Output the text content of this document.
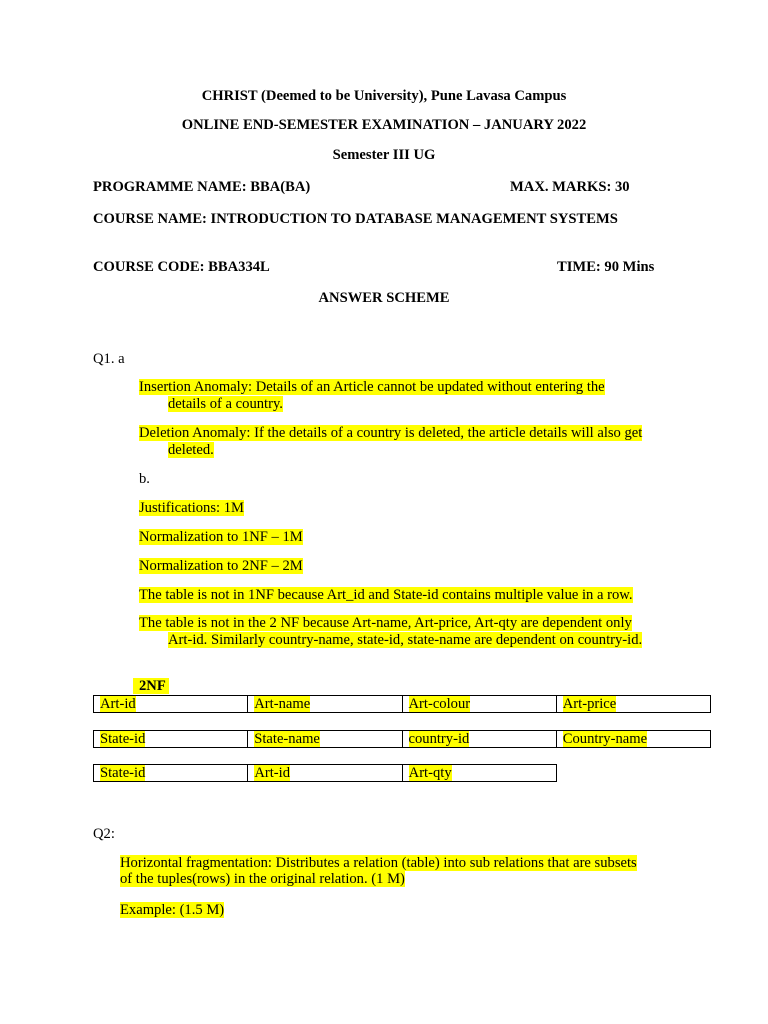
CHRIST (Deemed to be University), Pune Lavasa Campus
ONLINE END-SEMESTER EXAMINATION – JANUARY 2022
Semester III UG
PROGRAMME NAME: BBA(BA)	MAX. MARKS: 30
COURSE NAME: INTRODUCTION TO DATABASE MANAGEMENT SYSTEMS
COURSE CODE: BBA334L	TIME: 90 Mins
ANSWER SCHEME
Q1. a
Insertion Anomaly: Details of an Article cannot be updated without entering the

details of a country.
Deletion Anomaly: If the details of a country is deleted, the article details will also get

deleted.
b.
Justifications: 1M
Normalization to 1NF – 1M
Normalization to 2NF – 2M
The table is not in 1NF because Art_id and State-id contains multiple value in a row.
The table is not in the 2 NF because Art-name, Art-price, Art-qty are dependent only

Art-id. Similarly country-name, state-id, state-name are dependent on country-id.
2NF
Art-id	Art-name	Art-colour	Art-price
State-id	State-name	country-id	Country-name
State-id	Art-id	Art-qty
Q2:
Horizontal fragmentation: Distributes a relation (table) into sub relations that are subsets
of the tuples(rows) in the original relation. (1 M)
Example: (1.5 M)
